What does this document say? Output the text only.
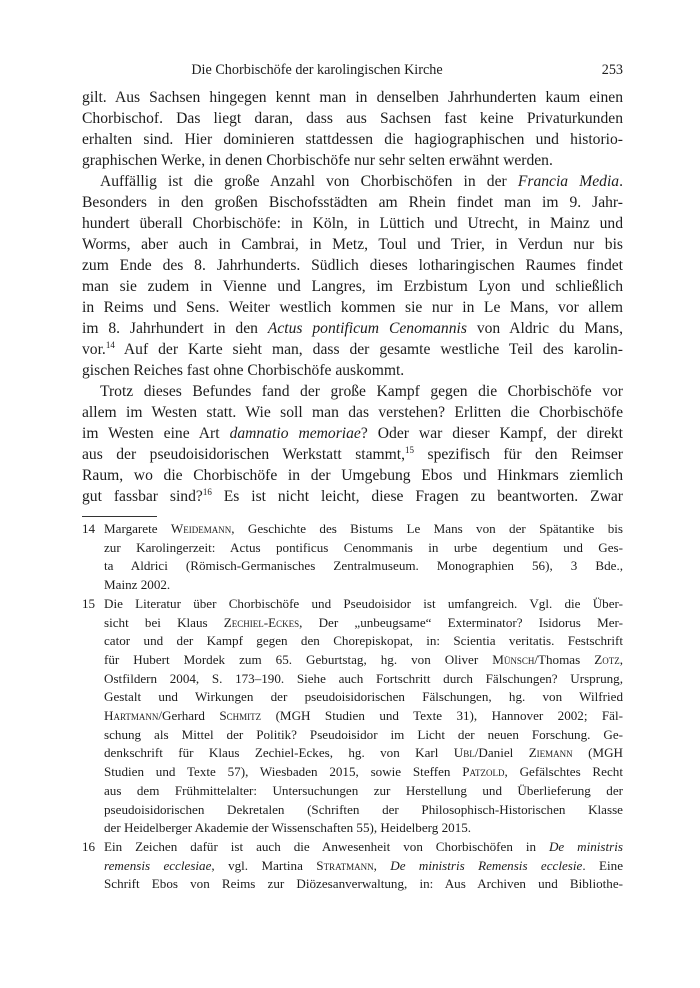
Die Chorbischöfe der karolingischen Kirche	253

gilt. Aus Sachsen hingegen kennt man in denselben Jahrhunderten kaum einen
Chorbischof. Das liegt daran, dass aus Sachsen fast keine Privaturkunden
erhalten sind. Hier dominieren stattdessen die hagiographischen und historio-
graphischen Werke, in denen Chorbischöfe nur sehr selten erwähnt werden.

Auffällig ist die große Anzahl von Chorbischöfen in der Francia Media.
Besonders in den großen Bischofsstädten am Rhein findet man im 9. Jahr-
hundert überall Chorbischöfe: in Köln, in Lüttich und Utrecht, in Mainz und
Worms, aber auch in Cambrai, in Metz, Toul und Trier, in Verdun nur bis
zum Ende des 8. Jahrhunderts. Südlich dieses lotharingischen Raumes findet
man sie zudem in Vienne und Langres, im Erzbistum Lyon und schließlich
in Reims und Sens. Weiter westlich kommen sie nur in Le Mans, vor allem
im 8. Jahrhundert in den Actus pontificum Cenomannis von Aldric du Mans,
vor.$^{14}$ Auf der Karte sieht man, dass der gesamte westliche Teil des karolin-
gischen Reiches fast ohne Chorbischöfe auskommt.

Trotz dieses Befundes fand der große Kampf gegen die Chorbischöfe vor
allem im Westen statt. Wie soll man das verstehen? Erlitten die Chorbischöfe
im Westen eine Art damnatio memoriae? Oder war dieser Kampf, der direkt
aus der pseudoisidorischen Werkstatt stammt,$^{15}$ spezifisch für den Reimser
Raum, wo die Chorbischöfe in der Umgebung Ebos und Hinkmars ziemlich
gut fassbar sind?$^{16}$ Es ist nicht leicht, diese Fragen zu beantworten. Zwar

14 Margarete Weidemann, Geschichte des Bistums Le Mans von der Spätantike bis
zur Karolingerzeit: Actus pontificus Cenommanis in urbe degentium und Ges-
ta Aldrici (Römisch-Germanisches Zentralmuseum. Monographien 56), 3 Bde.,
Mainz 2002.
15 Die Literatur über Chorbischöfe und Pseudoisidor ist umfangreich. Vgl. die Über-
sicht bei Klaus Zechiel-Eckes, Der „unbeugsame“ Exterminator? Isidorus Mer-
cator und der Kampf gegen den Chorepiskopat, in: Scientia veritatis. Festschrift
für Hubert Mordek zum 65. Geburtstag, hg. von Oliver Münsch/Thomas Zotz,
Ostfildern 2004, S. 173–190. Siehe auch Fortschritt durch Fälschungen? Ursprung,
Gestalt und Wirkungen der pseudoisidorischen Fälschungen, hg. von Wilfried
Hartmann/Gerhard Schmitz (MGH Studien und Texte 31), Hannover 2002; Fäl-
schung als Mittel der Politik? Pseudoisidor im Licht der neuen Forschung. Ge-
denkschrift für Klaus Zechiel-Eckes, hg. von Karl Ubl/Daniel Ziemann (MGH
Studien und Texte 57), Wiesbaden 2015, sowie Steffen Patzold, Gefälschtes Recht
aus dem Frühmittelalter: Untersuchungen zur Herstellung und Überlieferung der
pseudoisidorischen Dekretalen (Schriften der Philosophisch-Historischen Klasse
der Heidelberger Akademie der Wissenschaften 55), Heidelberg 2015.
16 Ein Zeichen dafür ist auch die Anwesenheit von Chorbischöfen in De ministris
remensis ecclesiae, vgl. Martina Stratmann, De ministris Remensis ecclesie. Eine
Schrift Ebos von Reims zur Diözesanverwaltung, in: Aus Archiven und Bibliothe-
